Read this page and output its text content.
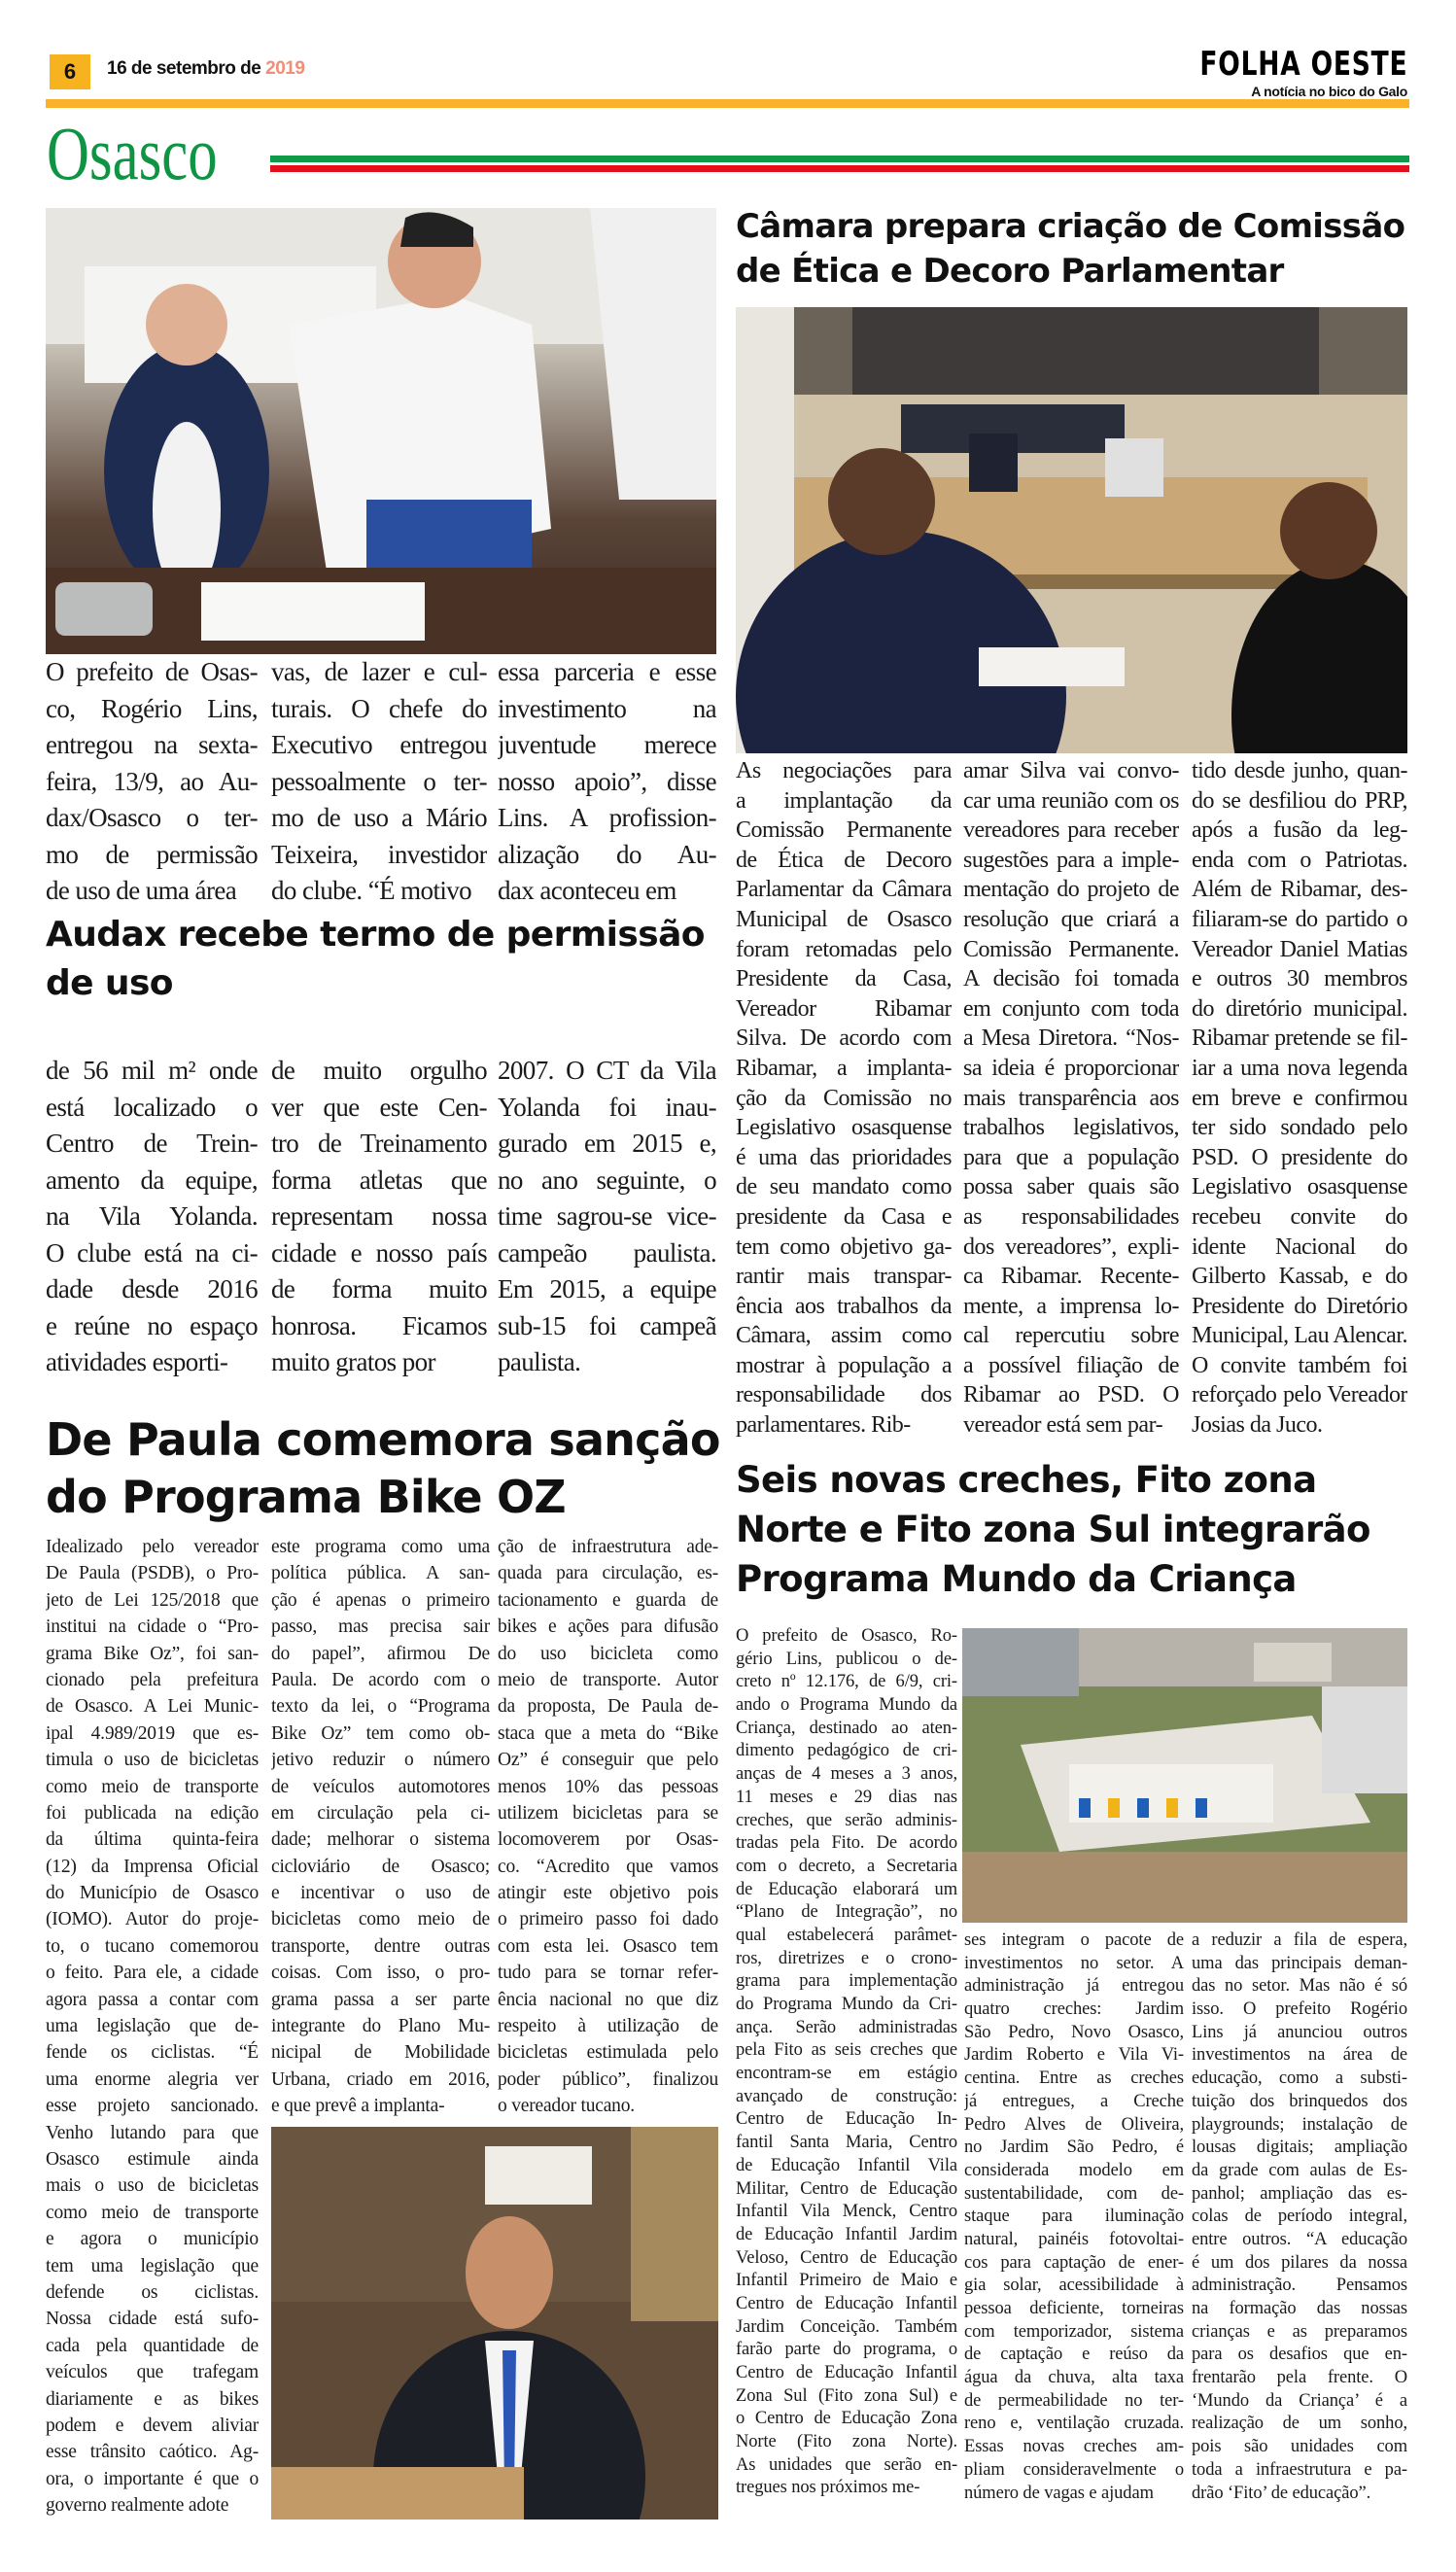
6	16 de setembro de 2019	FOLHA OESTE
A notícia no bico do Galo
Osasco
O prefeito de Osas-
co, Rogério Lins,
entregou na sexta-
feira, 13/9, ao Au-
dax/Osasco o ter-
mo de permissão
de uso de uma área
vas, de lazer e cul-
turais. O chefe do
Executivo entregou
pessoalmente o ter-
mo de uso a Mário
Teixeira, investidor
do clube. “É motivo
essa parceria e esse
investimento na
juventude merece
nosso apoio”, disse
Lins. A profission-
alização do Au-
dax aconteceu em
Audax recebe termo de permissão
de uso
de 56 mil m² onde
está localizado o
Centro de Trein-
amento da equipe,
na Vila Yolanda.
O clube está na ci-
dade desde 2016
e reúne no espaço
atividades esporti-
de muito orgulho
ver que este Cen-
tro de Treinamento
forma atletas que
representam nossa
cidade e nosso país
de forma muito
honrosa. Ficamos
muito gratos por
2007. O CT da Vila
Yolanda foi inau-
gurado em 2015 e,
no ano seguinte, o
time sagrou-se vice-
campeão paulista.
Em 2015, a equipe
sub-15 foi campeã
paulista.
Câmara prepara criação de Comissão
de Ética e Decoro Parlamentar
As negociações para
a implantação da
Comissão Permanente
de Ética de Decoro
Parlamentar da Câmara
Municipal de Osasco
foram retomadas pelo
Presidente da Casa,
Vereador Ribamar
Silva. De acordo com
Ribamar, a implanta-
ção da Comissão no
Legislativo osasquense
é uma das prioridades
de seu mandato como
presidente da Casa e
tem como objetivo ga-
rantir mais transpar-
ência aos trabalhos da
Câmara, assim como
mostrar à população a
responsabilidade dos
parlamentares. Rib-
amar Silva vai convo-
car uma reunião com os
vereadores para receber
sugestões para a imple-
mentação do projeto de
resolução que criará a
Comissão Permanente.
A decisão foi tomada
em conjunto com toda
a Mesa Diretora. “Nos-
sa ideia é proporcionar
mais transparência aos
trabalhos legislativos,
para que a população
possa saber quais são
as responsabilidades
dos vereadores”, expli-
ca Ribamar. Recente-
mente, a imprensa lo-
cal repercutiu sobre
a possível filiação de
Ribamar ao PSD. O
vereador está sem par-
tido desde junho, quan-
do se desfiliou do PRP,
após a fusão da leg-
enda com o Patriotas.
Além de Ribamar, des-
filiaram-se do partido o
Vereador Daniel Matias
e outros 30 membros
do diretório municipal.
Ribamar pretende se fil-
iar a uma nova legenda
em breve e confirmou
ter sido sondado pelo
PSD. O presidente do
Legislativo osasquense
recebeu convite do
idente Nacional do
Gilberto Kassab, e do
Presidente do Diretório
Municipal, Lau Alencar.
O convite também foi
reforçado pelo Vereador
Josias da Juco.
De Paula comemora sanção
do Programa Bike OZ
Idealizado pelo vereador
De Paula (PSDB), o Pro-
jeto de Lei 125/2018 que
institui na cidade o “Pro-
grama Bike Oz”, foi san-
cionado pela prefeitura
de Osasco. A Lei Munic-
ipal 4.989/2019 que es-
timula o uso de bicicletas
como meio de transporte
foi publicada na edição
da última quinta-feira
(12) da Imprensa Oficial
do Município de Osasco
(IOMO). Autor do proje-
to, o tucano comemorou
o feito. Para ele, a cidade
agora passa a contar com
uma legislação que de-
fende os ciclistas. “É
uma enorme alegria ver
esse projeto sancionado.
Venho lutando para que
Osasco estimule ainda
mais o uso de bicicletas
como meio de transporte
e agora o município
tem uma legislação que
defende os ciclistas.
Nossa cidade está sufo-
cada pela quantidade de
veículos que trafegam
diariamente e as bikes
podem e devem aliviar
esse trânsito caótico. Ag-
ora, o importante é que o
governo realmente adote
este programa como uma
política pública. A san-
ção é apenas o primeiro
passo, mas precisa sair
do papel”, afirmou De
Paula. De acordo com o
texto da lei, o “Programa
Bike Oz” tem como ob-
jetivo reduzir o número
de veículos automotores
em circulação pela ci-
dade; melhorar o sistema
cicloviário de Osasco;
e incentivar o uso de
bicicletas como meio de
transporte, dentre outras
coisas. Com isso, o pro-
grama passa a ser parte
integrante do Plano Mu-
nicipal de Mobilidade
Urbana, criado em 2016,
e que prevê a implanta-
ção de infraestrutura ade-
quada para circulação, es-
tacionamento e guarda de
bikes e ações para difusão
do uso bicicleta como
meio de transporte. Autor
da proposta, De Paula de-
staca que a meta do “Bike
Oz” é conseguir que pelo
menos 10% das pessoas
utilizem bicicletas para se
locomoverem por Osas-
co. “Acredito que vamos
atingir este objetivo pois
o primeiro passo foi dado
com esta lei. Osasco tem
tudo para se tornar refer-
ência nacional no que diz
respeito à utilização de
bicicletas estimulada pelo
poder público”, finalizou
o vereador tucano.
Seis novas creches, Fito zona
Norte e Fito zona Sul integrarão
Programa Mundo da Criança
O prefeito de Osasco, Ro-
gério Lins, publicou o de-
creto nº 12.176, de 6/9, cri-
ando o Programa Mundo da
Criança, destinado ao aten-
dimento pedagógico de cri-
anças de 4 meses a 3 anos,
11 meses e 29 dias nas
creches, que serão adminis-
tradas pela Fito. De acordo
com o decreto, a Secretaria
de Educação elaborará um
“Plano de Integração”, no
qual estabelecerá parâmet-
ros, diretrizes e o crono-
grama para implementação
do Programa Mundo da Cri-
ança. Serão administradas
pela Fito as seis creches que
encontram-se em estágio
avançado de construção:
Centro de Educação In-
fantil Santa Maria, Centro
de Educação Infantil Vila
Militar, Centro de Educação
Infantil Vila Menck, Centro
de Educação Infantil Jardim
Veloso, Centro de Educação
Infantil Primeiro de Maio e
Centro de Educação Infantil
Jardim Conceição. Também
farão parte do programa, o
Centro de Educação Infantil
Zona Sul (Fito zona Sul) e
o Centro de Educação Zona
Norte (Fito zona Norte).
As unidades que serão en-
tregues nos próximos me-
ses integram o pacote de
investimentos no setor. A
administração já entregou
quatro creches: Jardim
São Pedro, Novo Osasco,
Jardim Roberto e Vila Vi-
centina. Entre as creches
já entregues, a Creche
Pedro Alves de Oliveira,
no Jardim São Pedro, é
considerada modelo em
sustentabilidade, com de-
staque para iluminação
natural, painéis fotovoltai-
cos para captação de ener-
gia solar, acessibilidade à
pessoa deficiente, torneiras
com temporizador, sistema
de captação e reúso da
água da chuva, alta taxa
de permeabilidade no ter-
reno e, ventilação cruzada.
Essas novas creches am-
pliam consideravelmente o
número de vagas e ajudam
a reduzir a fila de espera,
uma das principais deman-
das no setor. Mas não é só
isso. O prefeito Rogério
Lins já anunciou outros
investimentos na área de
educação, como a substi-
tuição dos brinquedos dos
playgrounds; instalação de
lousas digitais; ampliação
da grade com aulas de Es-
panhol; ampliação das es-
colas de período integral,
entre outros. “A educação
é um dos pilares da nossa
administração. Pensamos
na formação das nossas
crianças e as preparamos
para os desafios que en-
frentarão pela frente. O
‘Mundo da Criança’ é a
realização de um sonho,
pois são unidades com
toda a infraestrutura e pa-
drão ‘Fito’ de educação”.
